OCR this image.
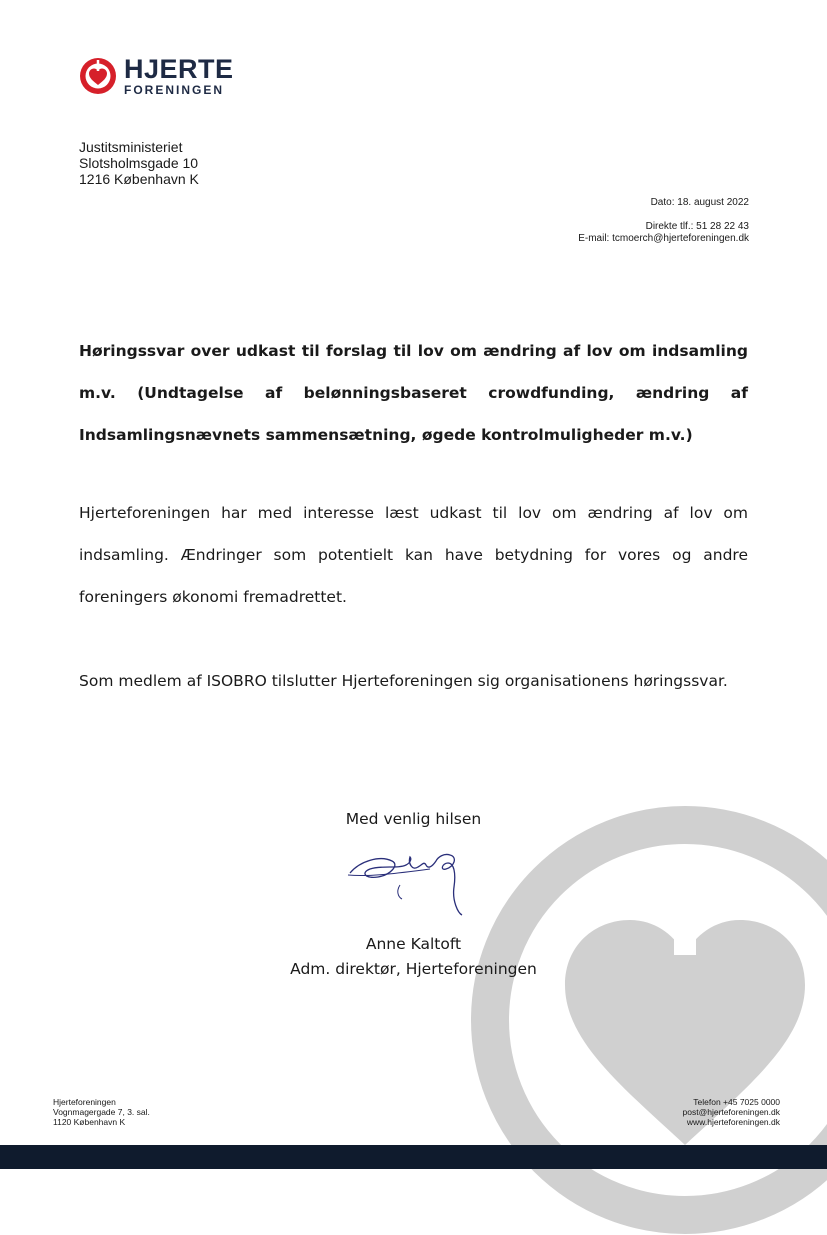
HJERTE
FORENINGEN
Justitsministeriet
Slotsholmsgade 10
1216 København K
Dato: 18. august 2022
Direkte tlf.: 51 28 22 43
E-mail: tcmoerch@hjerteforeningen.dk
Høringssvar over udkast til forslag til lov om ændring af lov om indsamling m.v. (Undtagelse af belønningsbaseret crowdfunding, ændring af Indsamlingsnævnets sammensætning, øgede kontrolmuligheder m.v.)
Hjerteforeningen har med interesse læst udkast til lov om ændring af lov om indsamling. Ændringer som potentielt kan have betydning for vores og andre foreningers økonomi fremadrettet.
Som medlem af ISOBRO tilslutter Hjerteforeningen sig organisationens høringssvar.
Med venlig hilsen
Anne Kaltoft
Adm. direktør, Hjerteforeningen
Hjerteforeningen
Vognmagergade 7, 3. sal.
1120 København K
Telefon +45 7025 0000
post@hjerteforeningen.dk
www.hjerteforeningen.dk
